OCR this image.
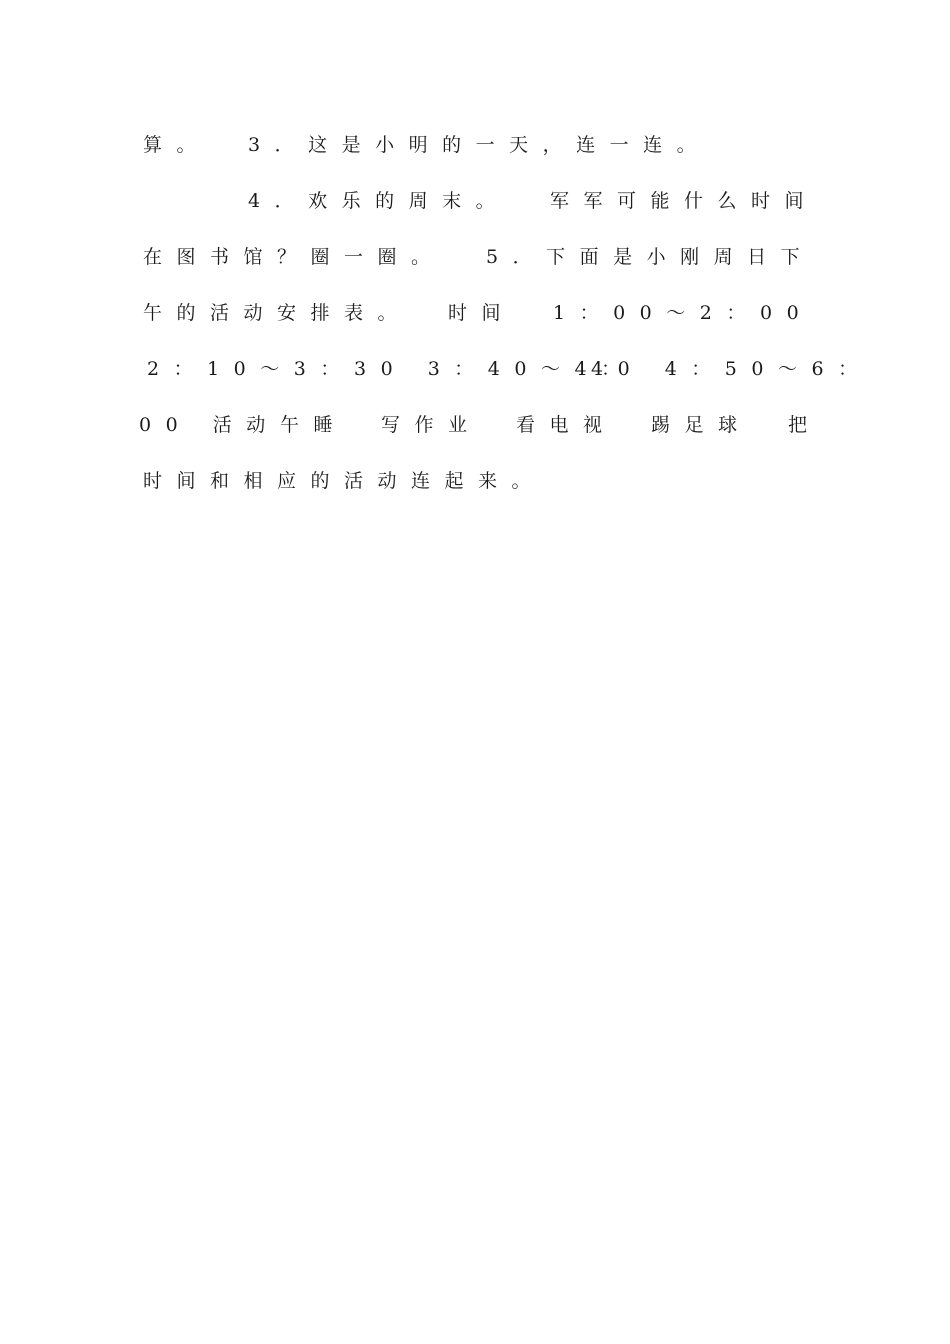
算。 3．这是小明的一天，连一连。
4．欢乐的周末。 军军可能什么时间
在图书馆？圈一圈。 5．下面是小刚周日下
午的活动安排表。 时间 1：00～2： 00
2：10～3： 30 3：40～4：
40 4：50～6：
00 活动 午睡 写作业 看电视 踢足球 把
时间和相应的活动连起来。
